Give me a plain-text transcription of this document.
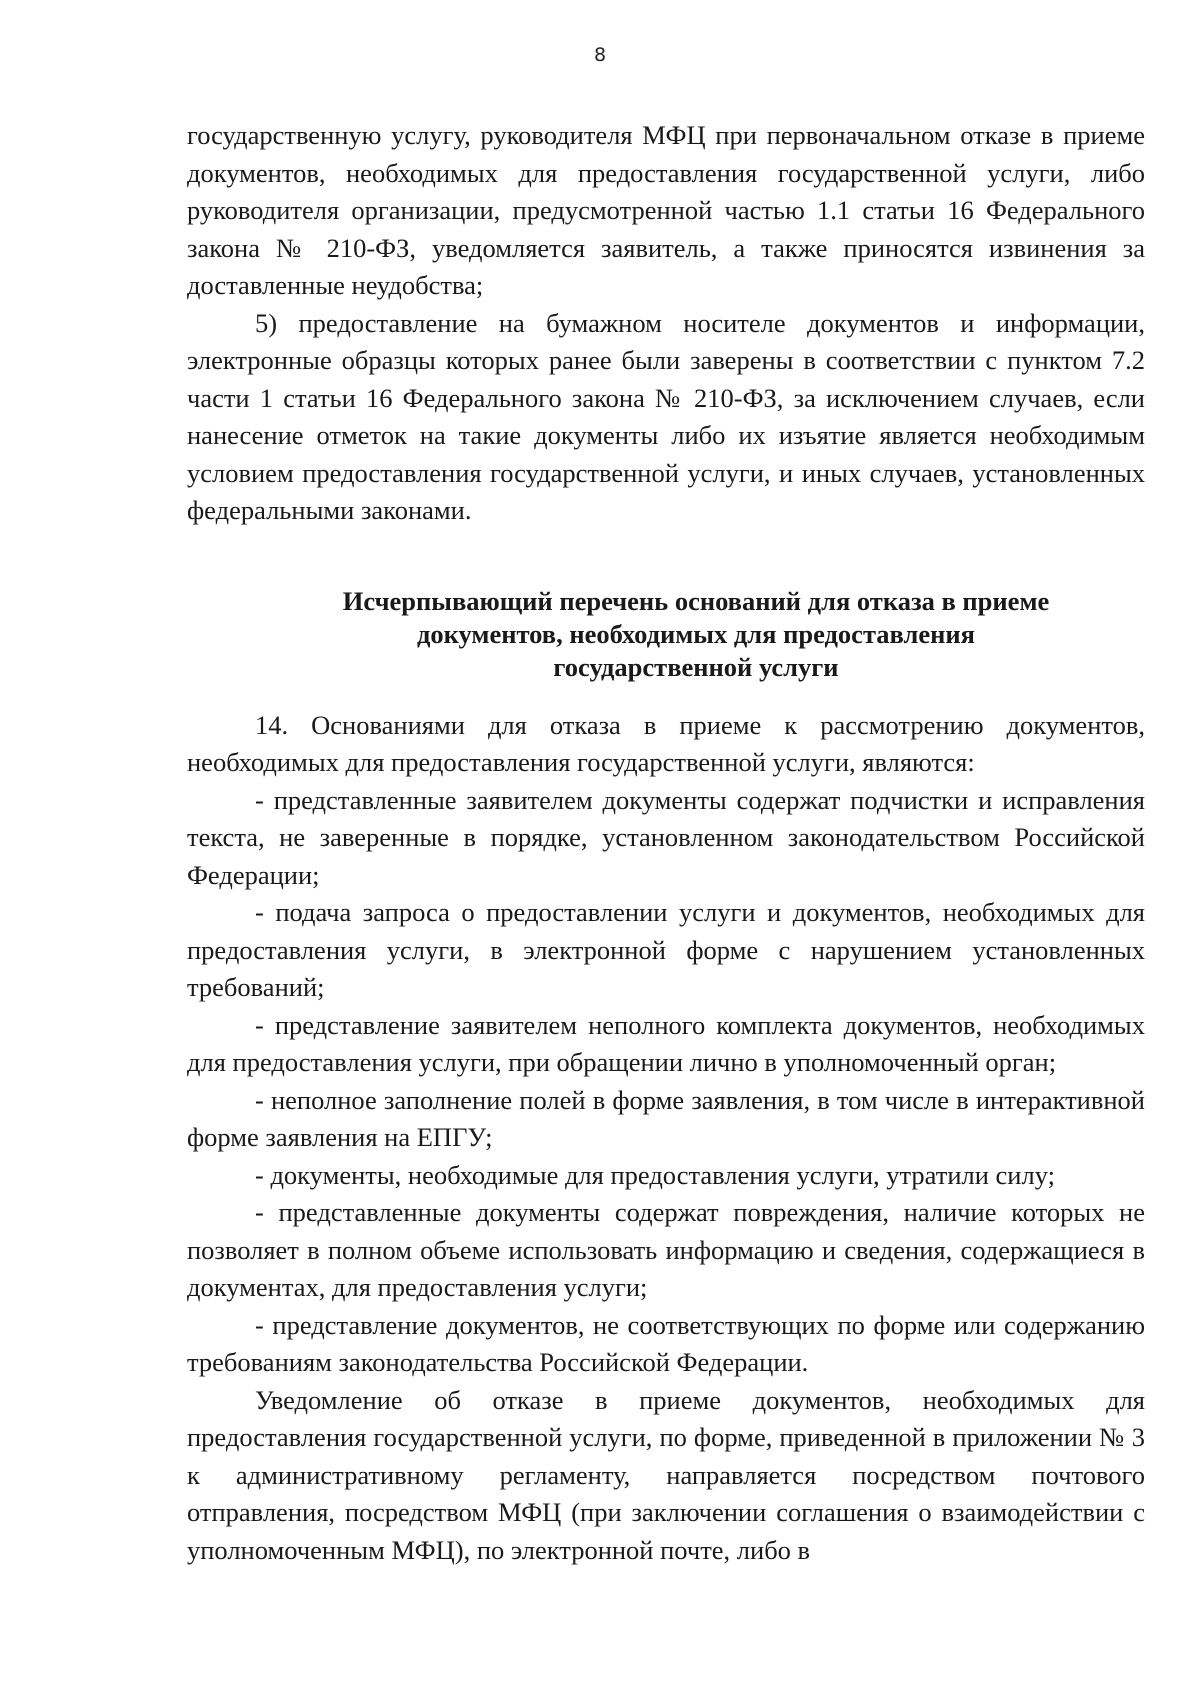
8

государственную услугу, руководителя МФЦ при первоначальном отказе в приеме документов, необходимых для предоставления государственной услуги, либо руководителя организации, предусмотренной частью 1.1 статьи 16 Федерального закона № 210-ФЗ, уведомляется заявитель, а также приносятся извинения за доставленные неудобства;

5) предоставление на бумажном носителе документов и информации, электронные образцы которых ранее были заверены в соответствии с пунктом 7.2 части 1 статьи 16 Федерального закона № 210-ФЗ, за исключением случаев, если нанесение отметок на такие документы либо их изъятие является необходимым условием предоставления государственной услуги, и иных случаев, установленных федеральными законами.

Исчерпывающий перечень оснований для отказа в приеме
документов, необходимых для предоставления
государственной услуги

14. Основаниями для отказа в приеме к рассмотрению документов, необходимых для предоставления государственной услуги, являются:

- представленные заявителем документы содержат подчистки и исправления текста, не заверенные в порядке, установленном законодательством Российской Федерации;

- подача запроса о предоставлении услуги и документов, необходимых для предоставления услуги, в электронной форме с нарушением установленных требований;

- представление заявителем неполного комплекта документов, необходимых для предоставления услуги, при обращении лично в уполномоченный орган;

- неполное заполнение полей в форме заявления, в том числе в интерактивной форме заявления на ЕПГУ;

- документы, необходимые для предоставления услуги, утратили силу;

- представленные документы содержат повреждения, наличие которых не позволяет в полном объеме использовать информацию и сведения, содержащиеся в документах, для предоставления услуги;

- представление документов, не соответствующих по форме или содержанию требованиям законодательства Российской Федерации.

Уведомление об отказе в приеме документов, необходимых для предоставления государственной услуги, по форме, приведенной в приложении № 3 к административному регламенту, направляется посредством почтового отправления, посредством МФЦ (при заключении соглашения о взаимодействии с уполномоченным МФЦ), по электронной почте, либо в
